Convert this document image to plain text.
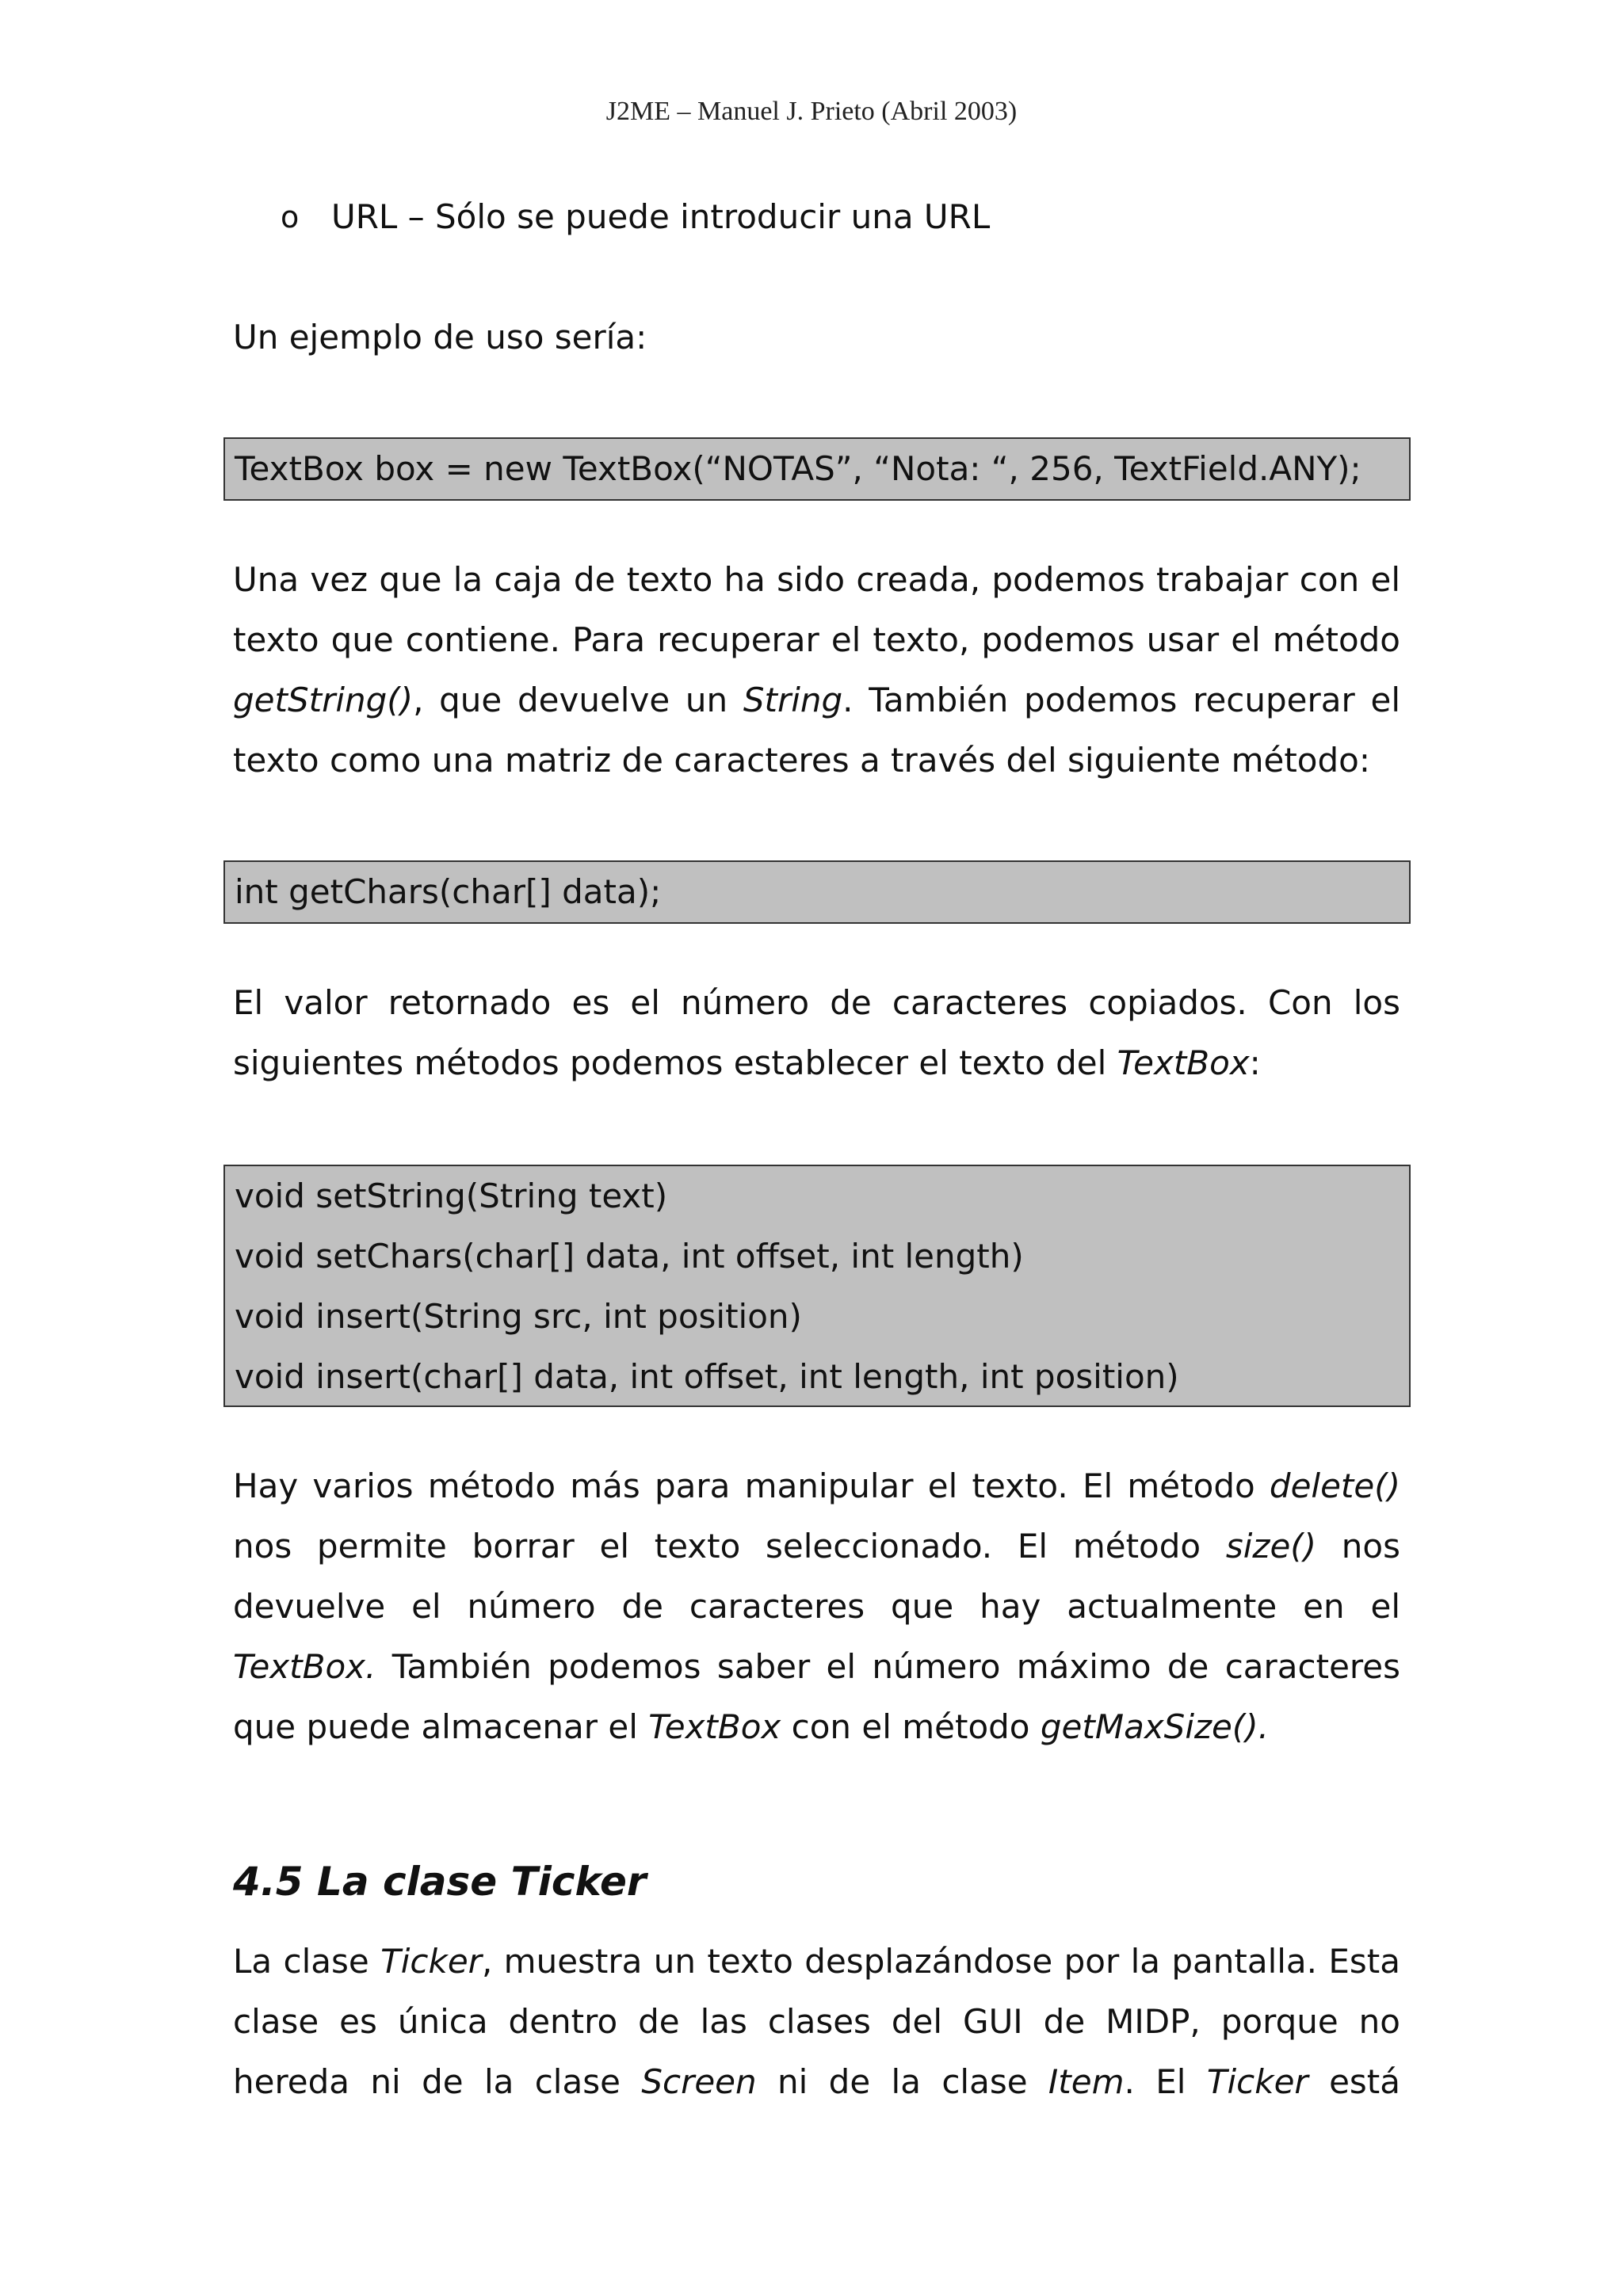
J2ME – Manuel J. Prieto (Abril 2003)
o URL – Sólo se puede introducir una URL
Un ejemplo de uso sería:
Una vez que la caja de texto ha sido creada, podemos trabajar con el
texto que contiene. Para recuperar el texto, podemos usar el método
getString(), que devuelve un String. También podemos recuperar el
texto como una matriz de caracteres a través del siguiente método:
El valor retornado es el número de caracteres copiados. Con los
siguientes métodos podemos establecer el texto del TextBox:
Hay varios método más para manipular el texto. El método delete()
nos permite borrar el texto seleccionado. El método size() nos
devuelve el número de caracteres que hay actualmente en el
TextBox. También podemos saber el número máximo de caracteres
que puede almacenar el TextBox con el método getMaxSize().
4.5 La clase Ticker
La clase Ticker, muestra un texto desplazándose por la pantalla. Esta
clase es única dentro de las clases del GUI de MIDP, porque no
hereda ni de la clase Screen ni de la clase Item. El Ticker está
TextBox box = new TextBox(“NOTAS”, “Nota: “, 256, TextField.ANY);
int getChars(char[] data);
void setString(String text)
void setChars(char[] data, int offset, int length)
void insert(String src, int position)
void insert(char[] data, int offset, int length, int position)
